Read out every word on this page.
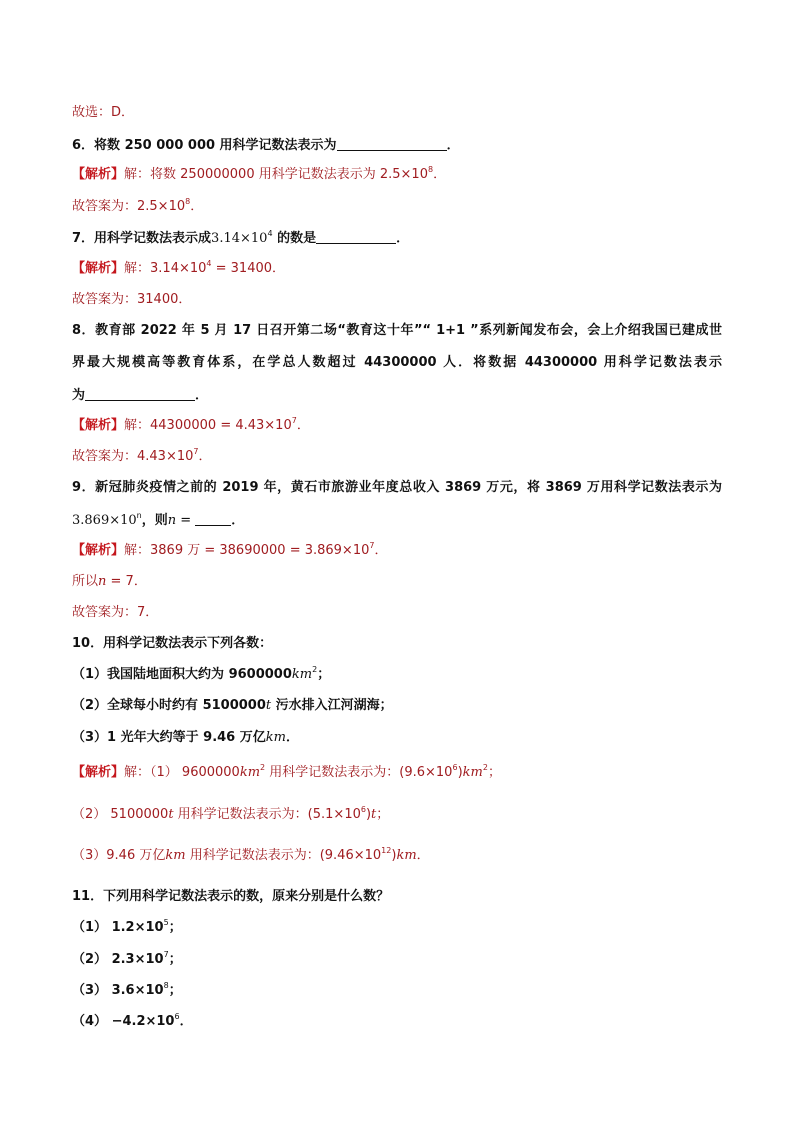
故选：D．
6．将数 250 000 000 用科学记数法表示为	．
【解析】解：将数 250000000 用科学记数法表示为 $2.5\times 10^8$．
故答案为：$2.5\times 10^8$．
7．用科学记数法表示成$3.14\times 10^4$ 的数是	．
【解析】解：$3.14\times 10^4 = 31400$．
故答案为：31400．
8．教育部 2022 年 5 月 17 日召开第二场“教育这十年”“ 1+1 ”系列新闻发布会，会上介绍我国已建成世
界最大规模高等教育体系，在学总人数超过 44300000 人．将数据 44300000 用科学记数法表示
为	．
【解析】解：$44300000 = 4.43\times 10^7$．
故答案为：$4.43\times 10^7$．
9．新冠肺炎疫情之前的 2019 年，黄石市旅游业年度总收入 3869 万元，将 3869 万用科学记数法表示为
$3.869\times 10^n$，则n =	．
【解析】解：3869 万 = $38690000 = 3.869\times 10^7$．
所以n = 7．
故答案为：7．
10．用科学记数法表示下列各数：
（1）我国陆地面积大约为 $9600000km^2$；
（2）全球每小时约有 5100000t 污水排入江河湖海；
（3）1 光年大约等于 9.46 万亿km．
【解析】解：（1） $9600000km^2$ 用科学记数法表示为：$(9.6\times 10^6)km^2$；
（2） 5100000t 用科学记数法表示为：$(5.1\times 10^6)t$；
（3）9.46 万亿km 用科学记数法表示为：$(9.46\times 10^{12})km$．
11．下列用科学记数法表示的数，原来分别是什么数？
（1） $1.2\times 10^5$；
（2） $2.3\times 10^7$；
（3） $3.6\times 10^8$；
$(4) -4.2\times 10^6$．
